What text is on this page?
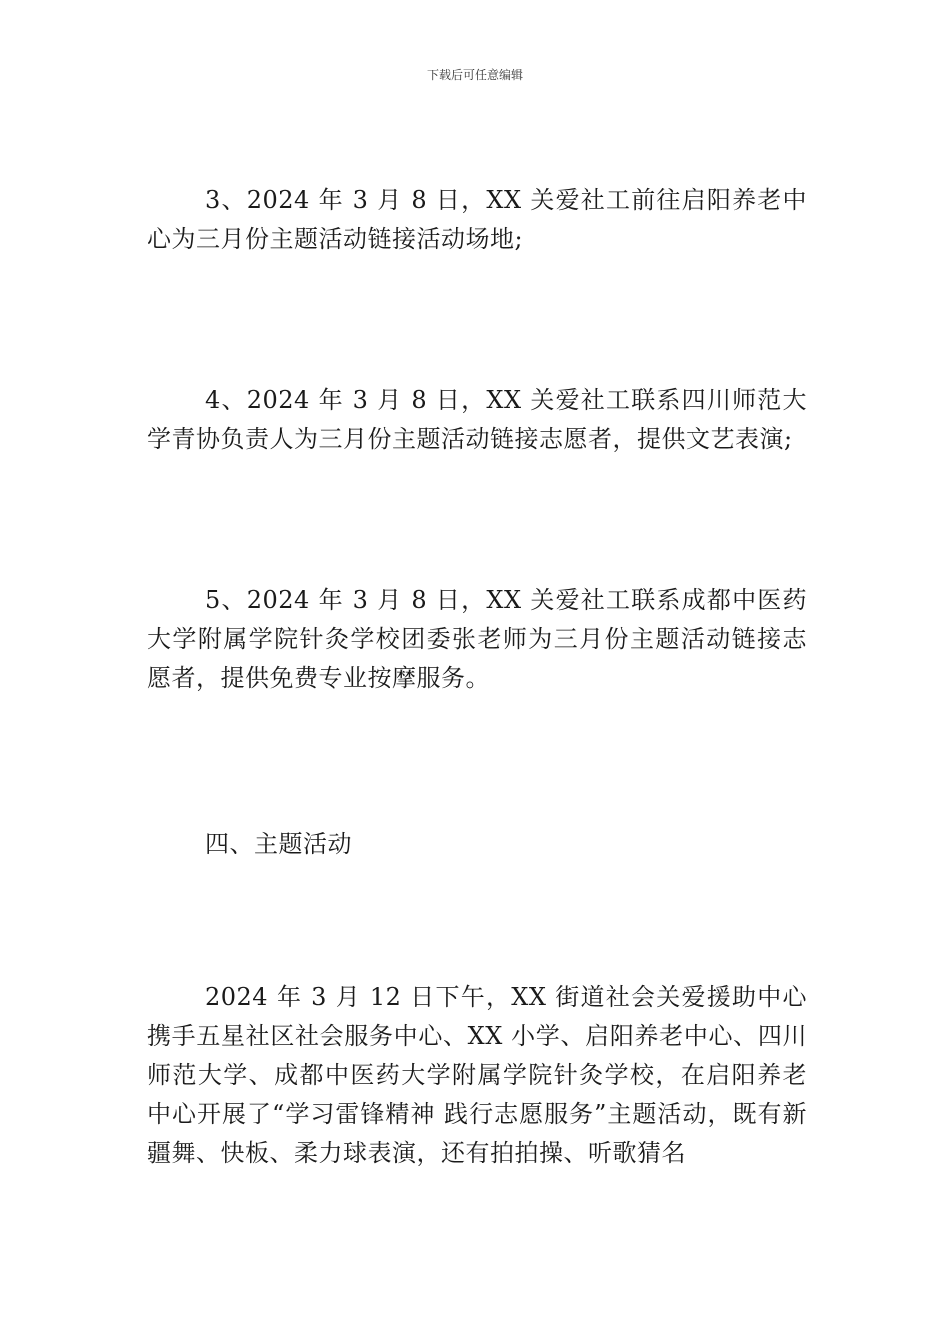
下载后可任意编辑
3、2024 年 3 月 8 日，XX 关爱社工前往启阳养老中心为三月份主题活动链接活动场地;
4、2024 年 3 月 8 日，XX 关爱社工联系四川师范大学青协负责人为三月份主题活动链接志愿者，提供文艺表演;
5、2024 年 3 月 8 日，XX 关爱社工联系成都中医药大学附属学院针灸学校团委张老师为三月份主题活动链接志愿者，提供免费专业按摩服务。
四、主题活动
2024 年 3 月 12 日下午，XX 街道社会关爱援助中心携手五星社区社会服务中心、XX 小学、启阳养老中心、四川师范大学、成都中医药大学附属学院针灸学校，在启阳养老中心开展了“学习雷锋精神 践行志愿服务”主题活动，既有新疆舞、快板、柔力球表演，还有拍拍操、听歌猜名
